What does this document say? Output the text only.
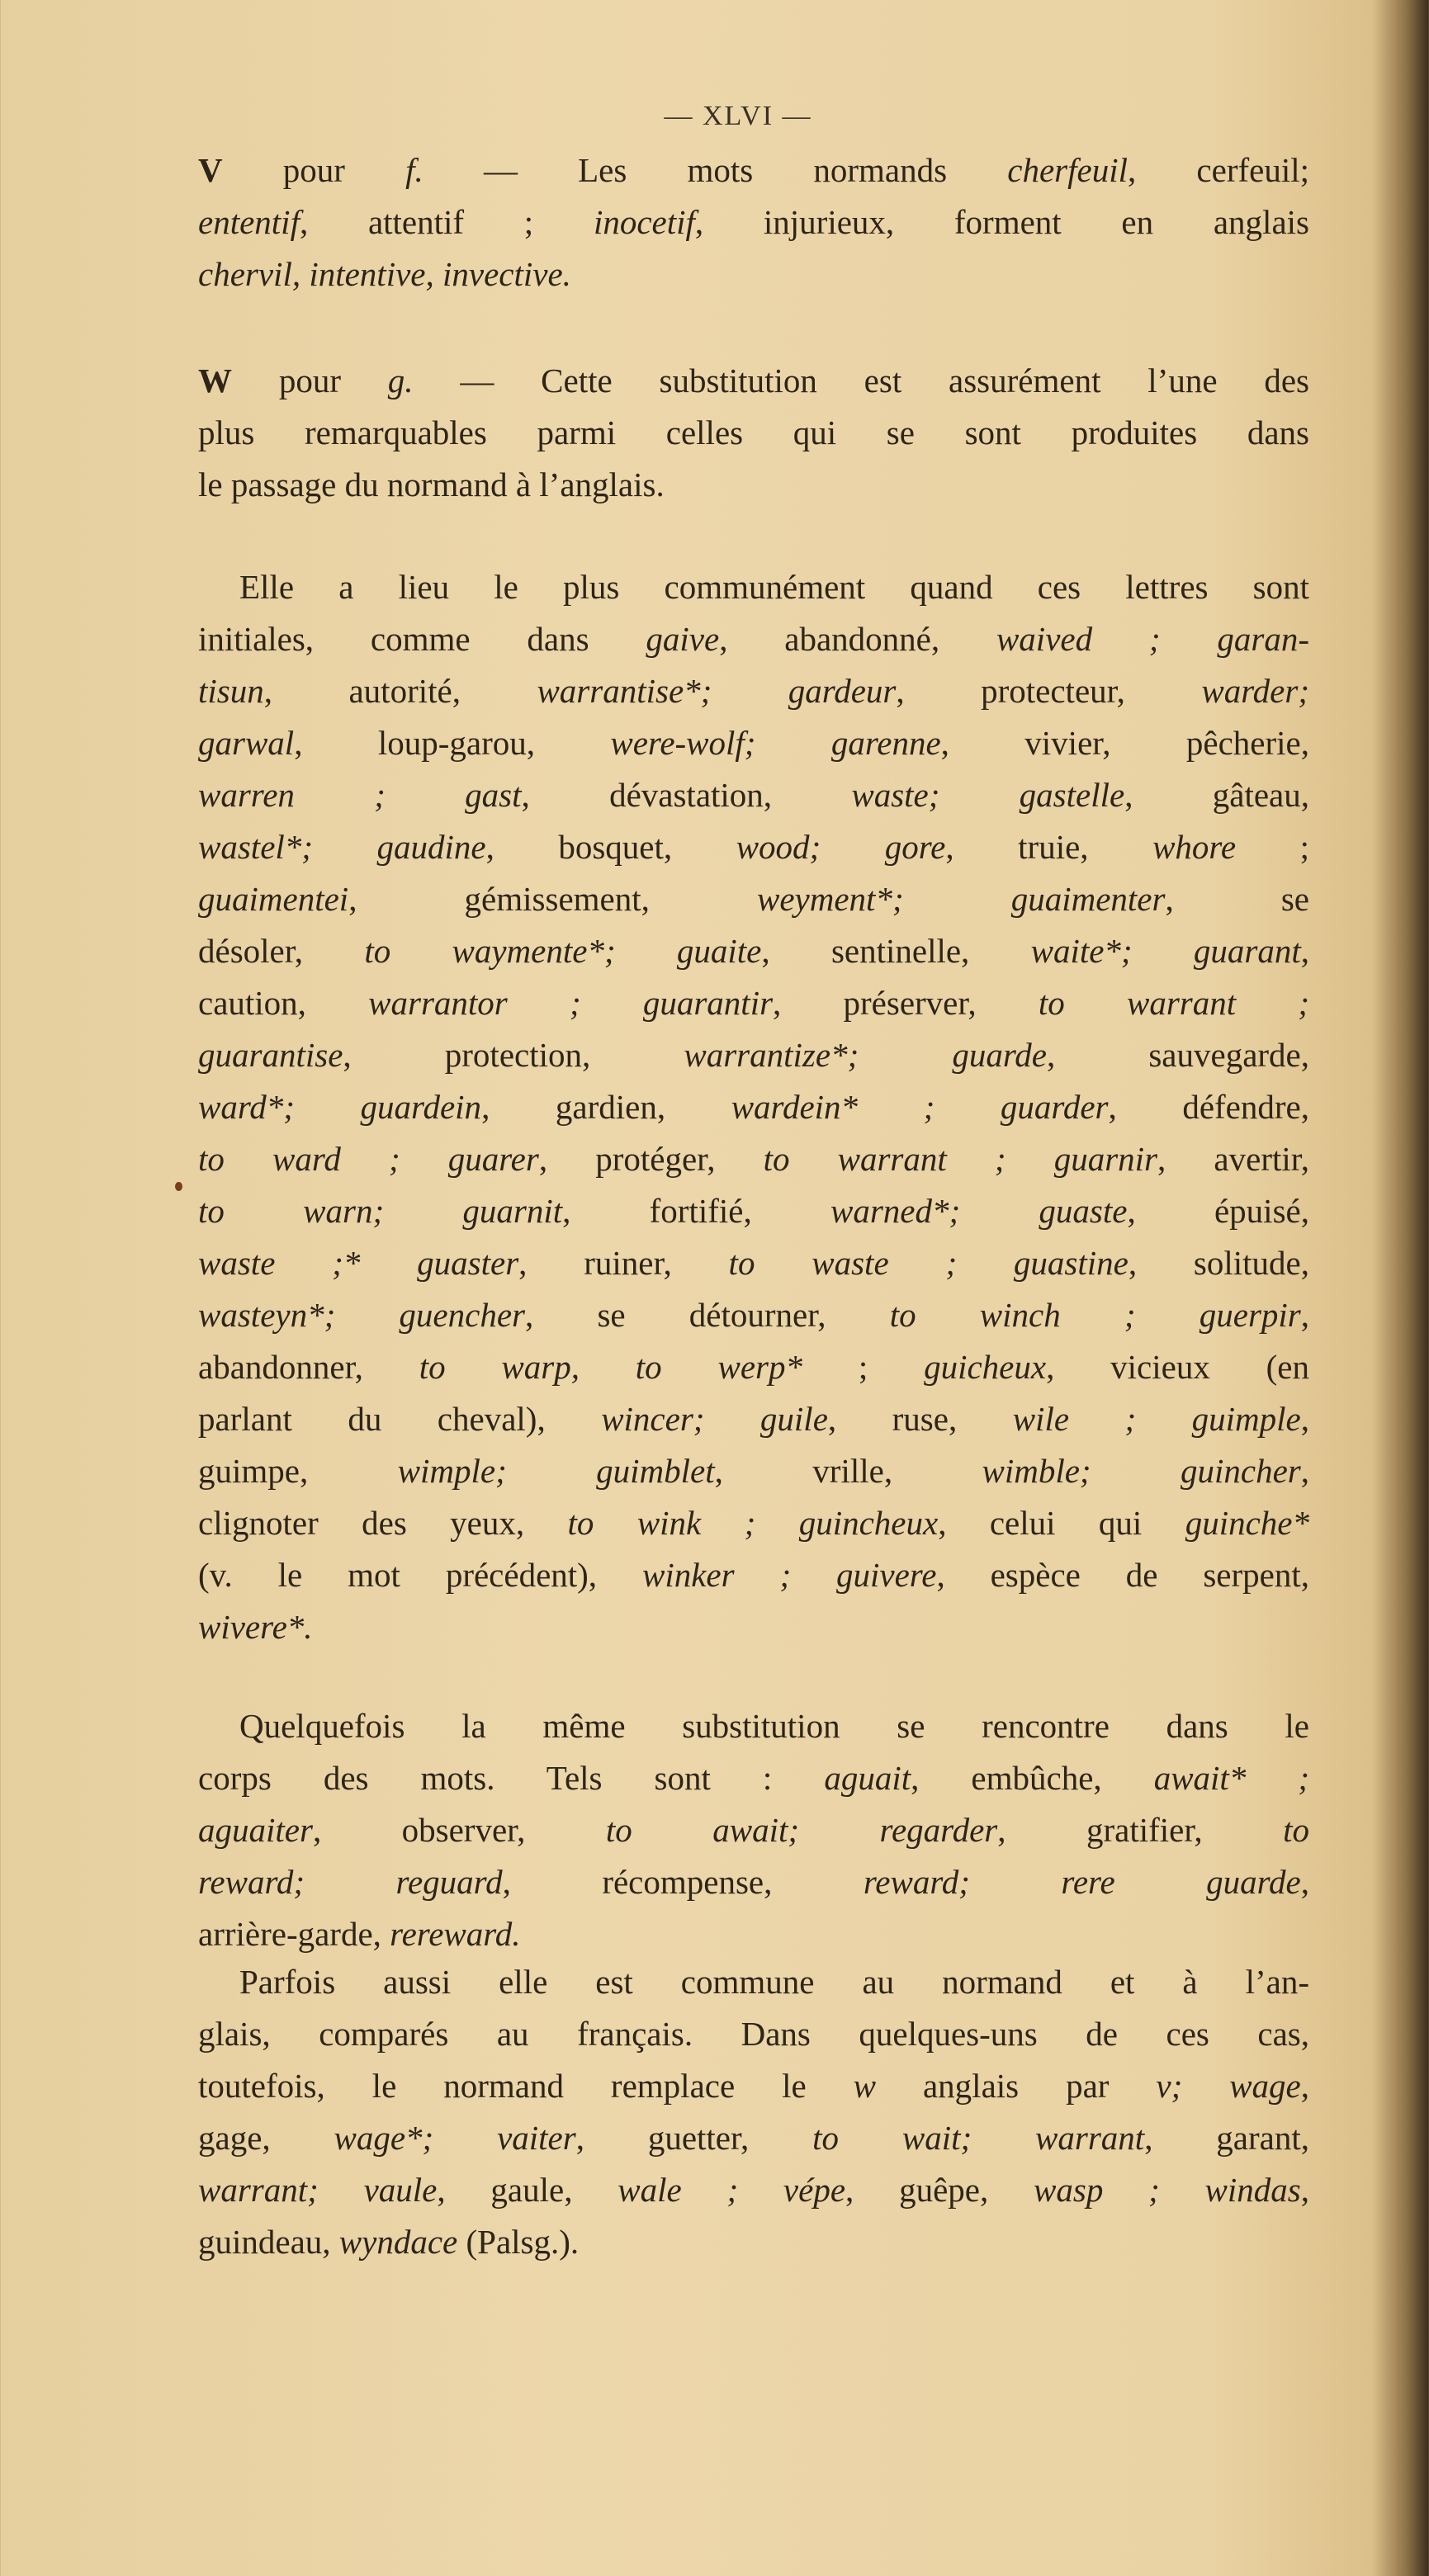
— XLVI —
V pour f. — Les mots normands cherfeuil, cerfeuil;
ententif, attentif ; inocetif, injurieux, forment en anglais
chervil, intentive, invective.
W pour g. — Cette substitution est assurément l’une des
plus remarquables parmi celles qui se sont produites dans
le passage du normand à l’anglais.
Elle a lieu le plus communément quand ces lettres sont
initiales, comme dans gaive, abandonné, waived ; garan-
tisun, autorité, warrantise*; gardeur, protecteur, warder;
garwal, loup-garou, were-wolf; garenne, vivier, pêcherie,
warren ; gast, dévastation, waste; gastelle, gâteau,
wastel*; gaudine, bosquet, wood; gore, truie, whore ;
guaimentei, gémissement, weyment*; guaimenter, se
désoler, to waymente*; guaite, sentinelle, waite*; guarant,
caution, warrantor ; guarantir, préserver, to warrant ;
guarantise, protection, warrantize*; guarde, sauvegarde,
ward*; guardein, gardien, wardein* ; guarder, défendre,
to ward ; guarer, protéger, to warrant ; guarnir, avertir,
to warn; guarnit, fortifié, warned*; guaste, épuisé,
waste ;* guaster, ruiner, to waste ; guastine, solitude,
wasteyn*; guencher, se détourner, to winch ; guerpir,
abandonner, to warp, to werp* ; guicheux, vicieux (en
parlant du cheval), wincer; guile, ruse, wile ; guimple,
guimpe, wimple; guimblet, vrille, wimble; guincher,
clignoter des yeux, to wink ; guincheux, celui qui guinche*
(v. le mot précédent), winker ; guivere, espèce de serpent,
wivere*.
Quelquefois la même substitution se rencontre dans le
corps des mots. Tels sont : aguait, embûche, await* ;
aguaiter, observer, to await; regarder, gratifier, to
reward; reguard, récompense, reward; rere guarde,
arrière-garde, rereward.
Parfois aussi elle est commune au normand et à l’an-
glais, comparés au français. Dans quelques-uns de ces cas,
toutefois, le normand remplace le w anglais par v; wage,
gage, wage*; vaiter, guetter, to wait; warrant, garant,
warrant; vaule, gaule, wale ; vépe, guêpe, wasp ; windas,
guindeau, wyndace (Palsg.).
